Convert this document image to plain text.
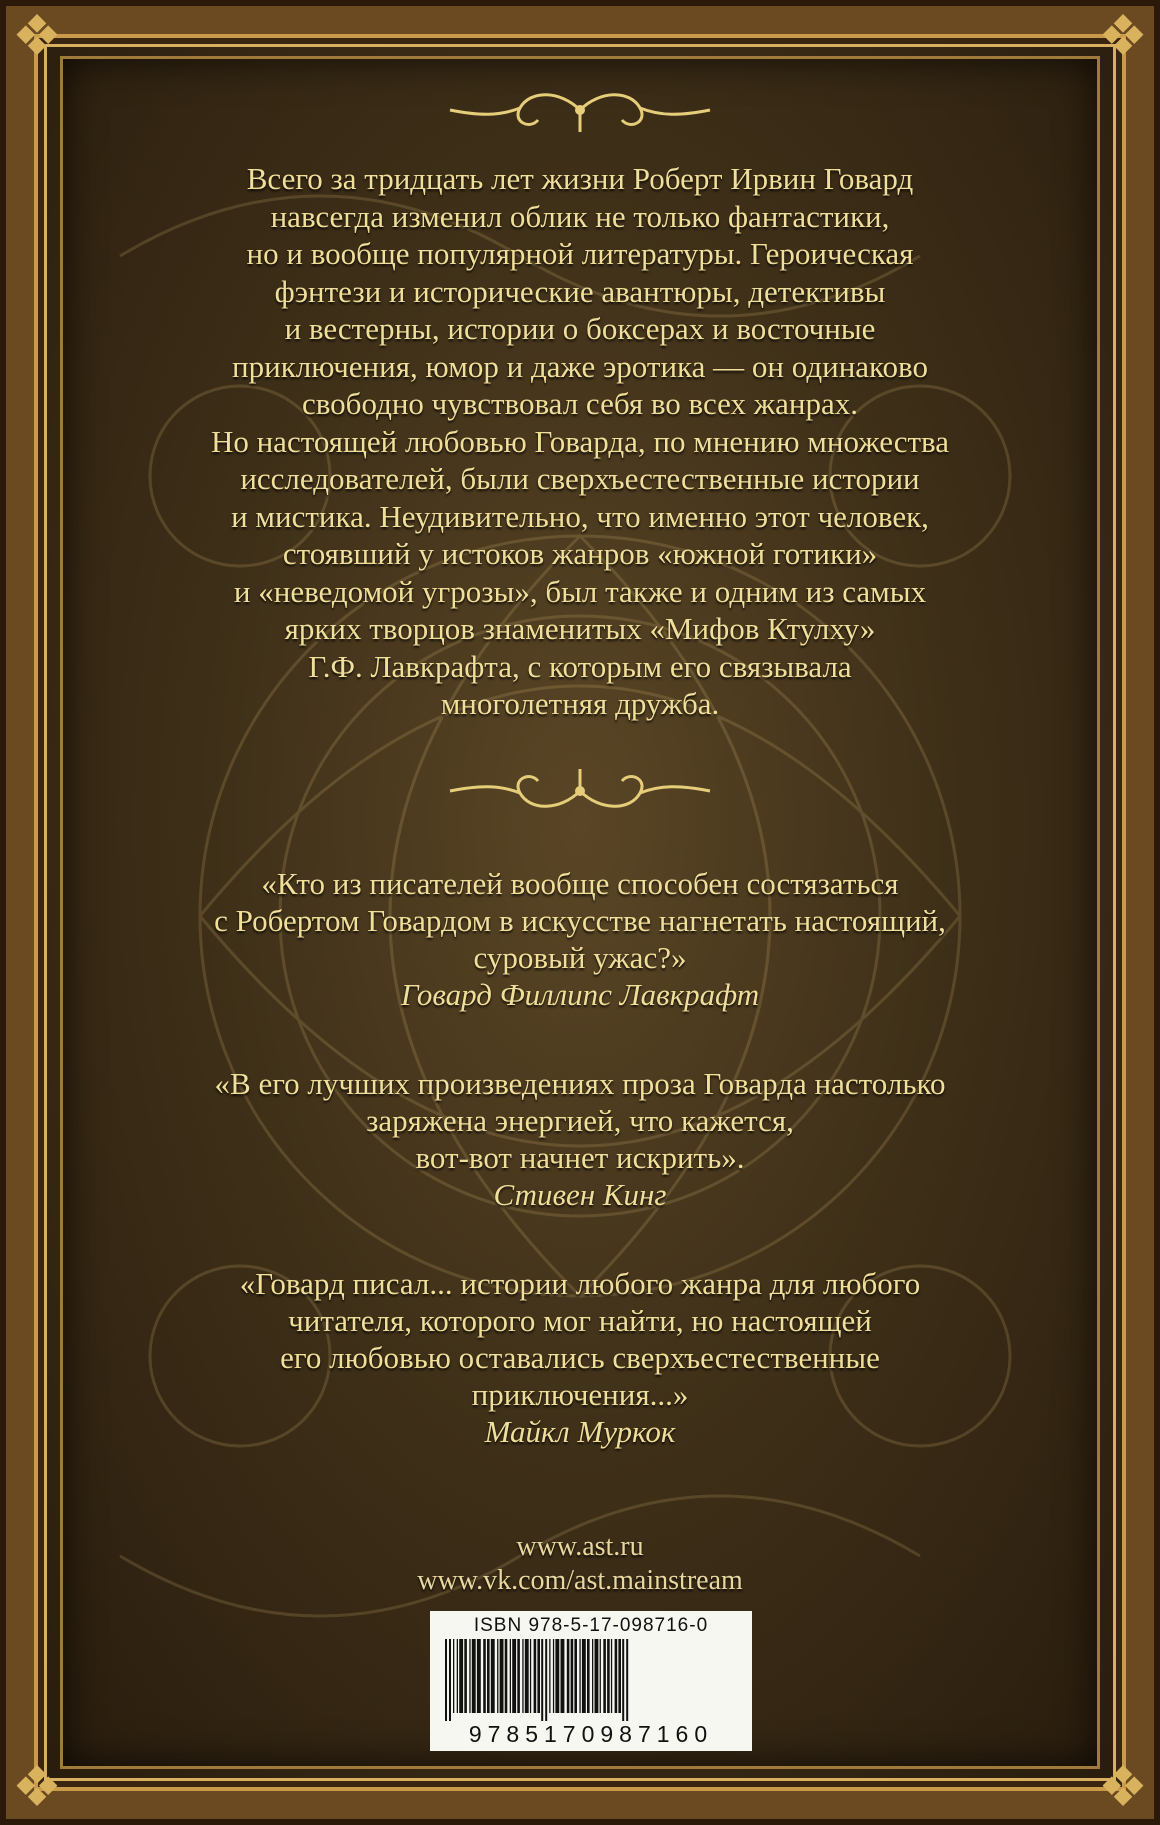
❖	❖
❖	❖

Всего за тридцать лет жизни Роберт Ирвин Говард
навсегда изменил облик не только фантастики,
но и вообще популярной литературы. Героическая
фэнтези и исторические авантюры, детективы
и вестерны, истории о боксерах и восточные
приключения, юмор и даже эротика — он одинаково
свободно чувствовал себя во всех жанрах.
Но настоящей любовью Говарда, по мнению множества
исследователей, были сверхъестественные истории
и мистика. Неудивительно, что именно этот человек,
стоявший у истоков жанров «южной готики»
и «неведомой угрозы», был также и одним из самых
ярких творцов знаменитых «Мифов Ктулху»
Г.Ф. Лавкрафта, с которым его связывала
многолетняя дружба.

«Кто из писателей вообще способен состязаться
с Робертом Говардом в искусстве нагнетать настоящий,
суровый ужас?»

Говард Филлипс Лавкрафт

«В его лучших произведениях проза Говарда настолько
заряжена энергией, что кажется,
вот-вот начнет искрить».

Стивен Кинг

«Говард писал... истории любого жанра для любого
читателя, которого мог найти, но настоящей
его любовью оставались сверхъестественные
приключения...»

Майкл Муркок

www.ast.ru
www.vk.com/ast.mainstream
ISBN 978-5-17-098716-0
9785170987160
